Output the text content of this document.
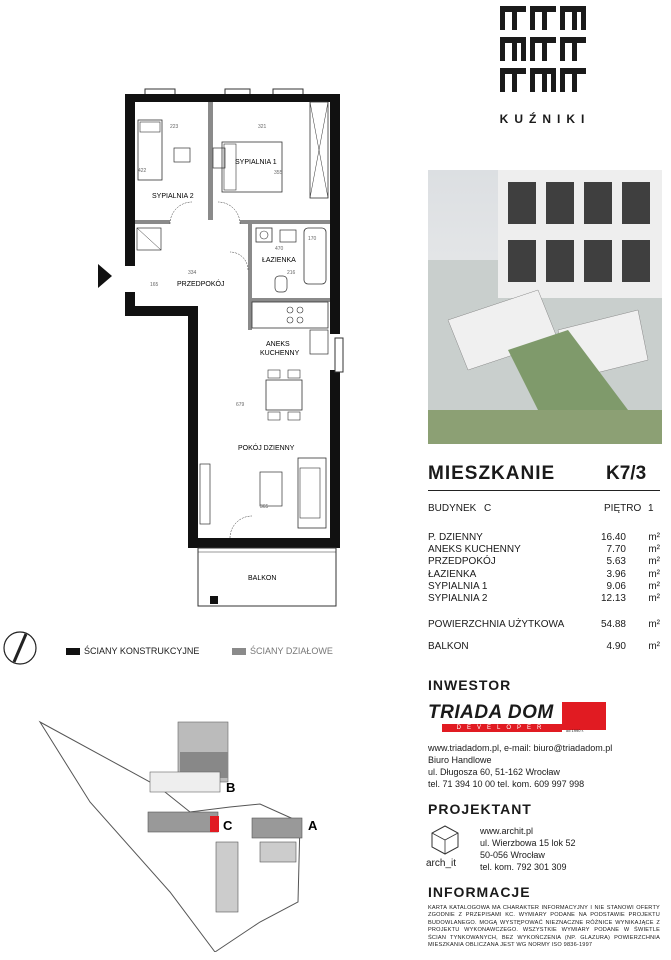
KUŹNIKI
SYPIALNIA 1
SYPIALNIA 2
ŁAZIENKA
PRZEDPOKÓJ
ANEKS
KUCHENNY
POKÓJ DZIENNY
BALKON
223	321
355
334	216
470
422
165
170
679
365
ŚCIANY KONSTRUKCYJNE	ŚCIANY DZIAŁOWE
B
C	A
MIESZKANIE	K7/3
BUDYNEK C	PIĘTRO 1
P. DZIENNY	16.40	m²
ANEKS KUCHENNY	7.70	m²
PRZEDPOKÓJ	5.63	m²
ŁAZIENKA	3.96	m²
SYPIALNIA 1	9.06	m²
SYPIALNIA 2	12.13	m²
POWIERZCHNIA UŻYTKOWA	54.88	m²
BALKON	4.90	m²
INWESTOR
TRIADA DOM
DEVELOPER	od 1990 r.
www.triadadom.pl, e-mail: biuro@triadadom.pl
Biuro Handlowe
ul. Długosza 60, 51-162 Wrocław
tel. 71 394 10 00 tel. kom. 609 997 998
PROJEKTANT
arch_it
www.archit.pl
ul. Wierzbowa 15 lok 52
50-056 Wrocław
tel. kom. 792 301 309
INFORMACJE
KARTA KATALOGOWA MA CHARAKTER INFORMACYJNY I NIE STANOWI OFERTY ZGODNIE Z PRZEPISAMI KC. WYMIARY PODANE NA PODSTAWIE PROJEKTU BUDOWLANEGO. MOGĄ WYSTĘPOWAĆ NIEZNACZNE RÓŻNICE WYNIKAJĄCE Z PROJEKTU WYKONAWCZEGO. WSZYSTKIE WYMIARY PODANE W ŚWIETLE ŚCIAN TYNKOWANYCH, BEZ WYKOŃCZENIA (NP. GLAZURA) POWIERZCHNIA MIESZKANIA OBLICZANA JEST WG NORMY ISO 9836-1997
